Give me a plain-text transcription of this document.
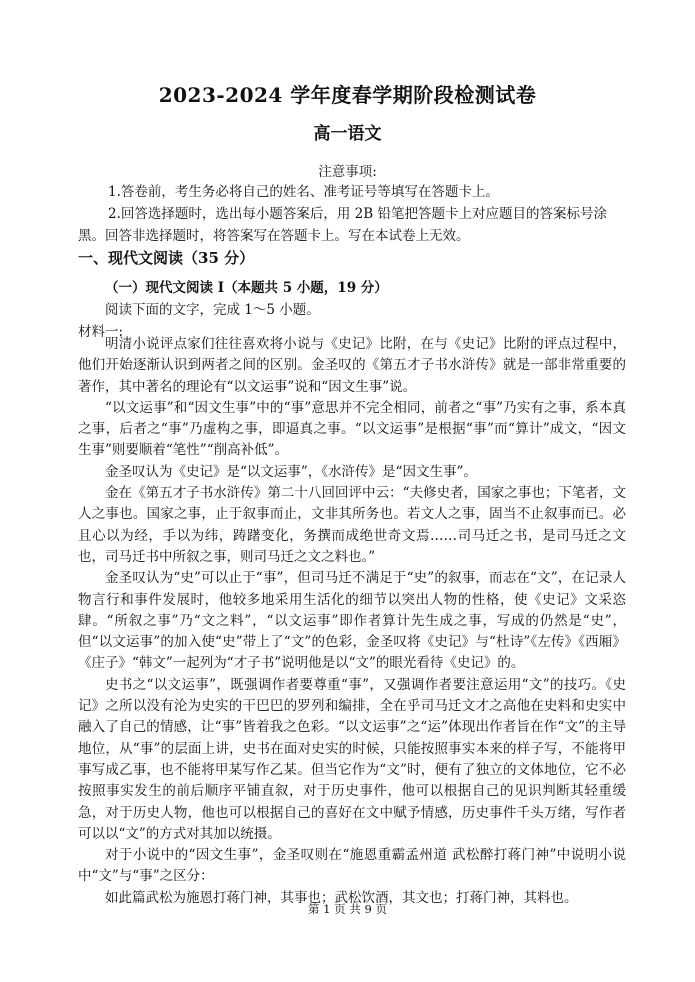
2023-2024 学年度春学期阶段检测试卷
高一语文
注意事项:

1.答卷前，考生务必将自己的姓名、准考证号等填写在答题卡上。

2.回答选择题时，选出每小题答案后，用 2B 铅笔把答题卡上对应题目的答案标号涂黑。回答非选择题时，将答案写在答题卡上。写在本试卷上无效。

一、现代文阅读（35 分）
（一）现代文阅读 I（本题共 5 小题，19 分）
阅读下面的文字，完成 1～5 小题。
材料一:

明清小说评点家们往往喜欢将小说与《史记》比附，在与《史记》比附的评点过程中，他们开始逐渐认识到两者之间的区别。金圣叹的《第五才子书水浒传》就是一部非常重要的著作，其中著名的理论有“以文运事”说和“因文生事”说。

“以文运事”和“因文生事”中的“事”意思并不完全相同，前者之“事”乃实有之事，系本真之事，后者之“事”乃虚构之事，即逼真之事。“以文运事”是根据“事”而“算计”成文，“因文生事”则要顺着“笔性”“削高补低”。

金圣叹认为《史记》是“以文运事”，《水浒传》是“因文生事”。

金在《第五才子书水浒传》第二十八回回评中云：“夫修史者，国家之事也；下笔者，文人之事也。国家之事，止于叙事而止，文非其所务也。若文人之事，固当不止叙事而已。必且心以为经，手以为纬，踌躇变化，务撰而成绝世奇文焉……司马迁之书，是司马迁之文也，司马迁书中所叙之事，则司马迁之文之料也。”

金圣叹认为“史”可以止于“事”，但司马迁不满足于“史”的叙事，而志在“文”，在记录人物言行和事件发展时，他较多地采用生活化的细节以突出人物的性格，使《史记》文采恣肆。“所叙之事”乃“文之料”，“以文运事”即作者算计先生成之事，写成的仍然是“史”，但“以文运事”的加入使“史”带上了“文”的色彩，金圣叹将《史记》与“杜诗”《左传》《西厢》《庄子》“韩文”一起列为“才子书”说明他是以“文”的眼光看待《史记》的。

史书之“以文运事”，既强调作者要尊重“事”，又强调作者要注意运用“文”的技巧。《史记》之所以没有沦为史实的干巴巴的罗列和编排，全在乎司马迁文才之高他在史料和史实中融入了自己的情感，让“事”皆着我之色彩。“以文运事”之“运”体现出作者旨在作“文”的主导地位，从“事”的层面上讲，史书在面对史实的时候，只能按照事实本来的样子写，不能将甲事写成乙事，也不能将甲某写作乙某。但当它作为“文”时，便有了独立的文体地位，它不必按照事实发生的前后顺序平铺直叙，对于历史事件，他可以根据自己的见识判断其轻重缓急，对于历史人物，他也可以根据自己的喜好在文中赋予情感，历史事件千头万绪，写作者可以以“文”的方式对其加以统摄。

对于小说中的“因文生事”，金圣叹则在“施恩重霸孟州道 武松醉打蒋门神”中说明小说中“文”与“事”之区分：

如此篇武松为施恩打蒋门神，其事也；武松饮酒，其文也；打蒋门神，其料也。

第 1 页 共 9 页
